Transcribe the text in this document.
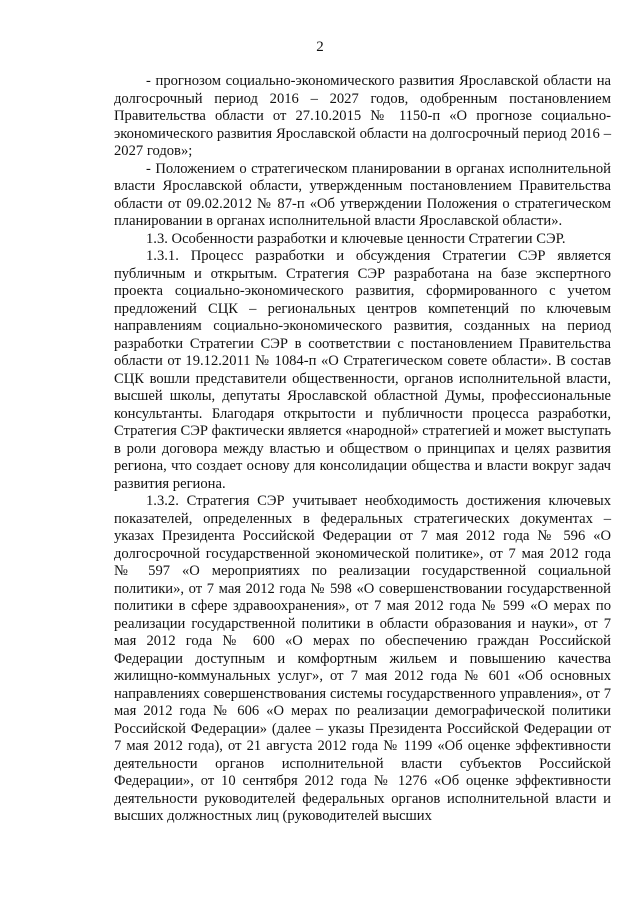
2

- прогнозом социально-экономического развития Ярославской области на долгосрочный период 2016 – 2027 годов, одобренным постановлением Правительства области от 27.10.2015 № 1150-п «О прогнозе социально-экономического развития Ярославской области на долгосрочный период 2016 – 2027 годов»;

- Положением о стратегическом планировании в органах исполнительной власти Ярославской области, утвержденным постановлением Правительства области от 09.02.2012 № 87-п «Об утверждении Положения о стратегическом планировании в органах исполнительной власти Ярославской области».

1.3. Особенности разработки и ключевые ценности Стратегии СЭР.

1.3.1. Процесс разработки и обсуждения Стратегии СЭР является публичным и открытым. Стратегия СЭР разработана на базе экспертного проекта социально-экономического развития, сформированного с учетом предложений СЦК – региональных центров компетенций по ключевым направлениям социально-экономического развития, созданных на период разработки Стратегии СЭР в соответствии с постановлением Правительства области от 19.12.2011 № 1084-п «О Стратегическом совете области». В состав СЦК вошли представители общественности, органов исполнительной власти, высшей школы, депутаты Ярославской областной Думы, профессиональные консультанты. Благодаря открытости и публичности процесса разработки, Стратегия СЭР фактически является «народной» стратегией и может выступать в роли договора между властью и обществом о принципах и целях развития региона, что создает основу для консолидации общества и власти вокруг задач развития региона.

1.3.2. Стратегия СЭР учитывает необходимость достижения ключевых показателей, определенных в федеральных стратегических документах – указах Президента Российской Федерации от 7 мая 2012 года № 596 «О долгосрочной государственной экономической политике», от 7 мая 2012 года № 597 «О мероприятиях по реализации государственной социальной политики», от 7 мая 2012 года № 598 «О совершенствовании государственной политики в сфере здравоохранения», от 7 мая 2012 года № 599 «О мерах по реализации государственной политики в области образования и науки», от 7 мая 2012 года № 600 «О мерах по обеспечению граждан Российской Федерации доступным и комфортным жильем и повышению качества жилищно-коммунальных услуг», от 7 мая 2012 года № 601 «Об основных направлениях совершенствования системы государственного управления», от 7 мая 2012 года № 606 «О мерах по реализации демографической политики Российской Федерации» (далее – указы Президента Российской Федерации от 7 мая 2012 года), от 21 августа 2012 года № 1199 «Об оценке эффективности деятельности органов исполнительной власти субъектов Российской Федерации», от 10 сентября 2012 года № 1276 «Об оценке эффективности деятельности руководителей федеральных органов исполнительной власти и высших должностных лиц (руководителей высших
